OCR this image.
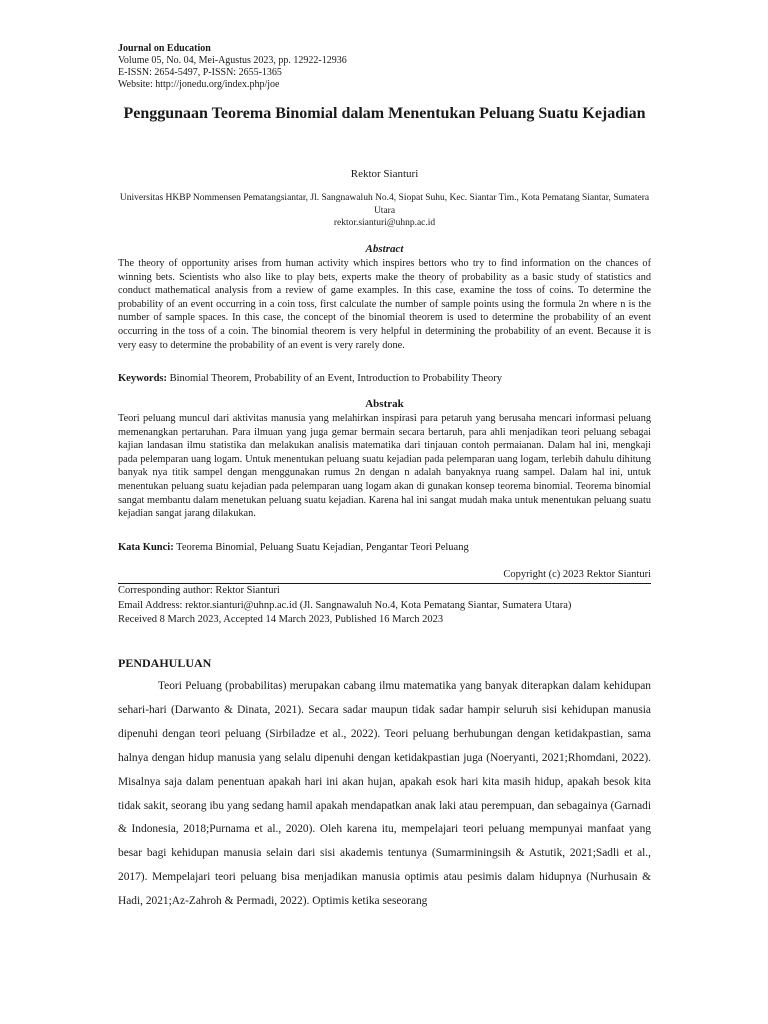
Journal on Education
Volume 05, No. 04, Mei-Agustus 2023, pp. 12922-12936
E-ISSN: 2654-5497, P-ISSN: 2655-1365
Website: http://jonedu.org/index.php/joe
Penggunaan Teorema Binomial dalam Menentukan Peluang Suatu Kejadian
Rektor Sianturi
Universitas HKBP Nommensen Pematangsiantar, Jl. Sangnawaluh No.4, Siopat Suhu, Kec. Siantar Tim., Kota Pematang Siantar, Sumatera Utara
rektor.sianturi@uhnp.ac.id
Abstract

The theory of opportunity arises from human activity which inspires bettors who try to find information on the chances of winning bets. Scientists who also like to play bets, experts make the theory of probability as a basic study of statistics and conduct mathematical analysis from a review of game examples. In this case, examine the toss of coins. To determine the probability of an event occurring in a coin toss, first calculate the number of sample points using the formula 2n where n is the number of sample spaces. In this case, the concept of the binomial theorem is used to determine the probability of an event occurring in the toss of a coin. The binomial theorem is very helpful in determining the probability of an event. Because it is very easy to determine the probability of an event is very rarely done.

Keywords: Binomial Theorem, Probability of an Event, Introduction to Probability Theory
Abstrak

Teori peluang muncul dari aktivitas manusia yang melahirkan inspirasi para petaruh yang berusaha mencari informasi peluang memenangkan pertaruhan. Para ilmuan yang juga gemar bermain secara bertaruh, para ahli menjadikan teori peluang sebagai kajian landasan ilmu statistika dan melakukan analisis matematika dari tinjauan contoh permaianan. Dalam hal ini, mengkaji pada pelemparan uang logam. Untuk menentukan peluang suatu kejadian pada pelemparan uang logam, terlebih dahulu dihitung banyak nya titik sampel dengan menggunakan rumus 2n dengan n adalah banyaknya ruang sampel. Dalam hal ini, untuk menentukan peluang suatu kejadian pada pelemparan uang logam akan di gunakan konsep teorema binomial. Teorema binomial sangat membantu dalam menetukan peluang suatu kejadian. Karena hal ini sangat mudah maka untuk menentukan peluang suatu kejadian sangat jarang dilakukan.

Kata Kunci: Teorema Binomial, Peluang Suatu Kejadian, Pengantar Teori Peluang
Copyright (c) 2023 Rektor Sianturi
Corresponding author: Rektor Sianturi
Email Address: rektor.sianturi@uhnp.ac.id (Jl. Sangnawaluh No.4, Kota Pematang Siantar, Sumatera Utara)
Received 8 March 2023, Accepted 14 March 2023, Published 16 March 2023
PENDAHULUAN

Teori Peluang (probabilitas) merupakan cabang ilmu matematika yang banyak diterapkan dalam kehidupan sehari-hari (Darwanto & Dinata, 2021). Secara sadar maupun tidak sadar hampir seluruh sisi kehidupan manusia dipenuhi dengan teori peluang (Sirbiladze et al., 2022). Teori peluang berhubungan dengan ketidakpastian, sama halnya dengan hidup manusia yang selalu dipenuhi dengan ketidakpastian juga (Noeryanti, 2021;Rhomdani, 2022). Misalnya saja dalam penentuan apakah hari ini akan hujan, apakah esok hari kita masih hidup, apakah besok kita tidak sakit, seorang ibu yang sedang hamil apakah mendapatkan anak laki atau perempuan, dan sebagainya (Garnadi & Indonesia, 2018;Purnama et al., 2020). Oleh karena itu, mempelajari teori peluang mempunyai manfaat yang besar bagi kehidupan manusia selain dari sisi akademis tentunya (Sumarminingsih & Astutik, 2021;Sadli et al., 2017). Mempelajari teori peluang bisa menjadikan manusia optimis atau pesimis dalam hidupnya (Nurhusain & Hadi, 2021;Az-Zahroh & Permadi, 2022). Optimis ketika seseorang
